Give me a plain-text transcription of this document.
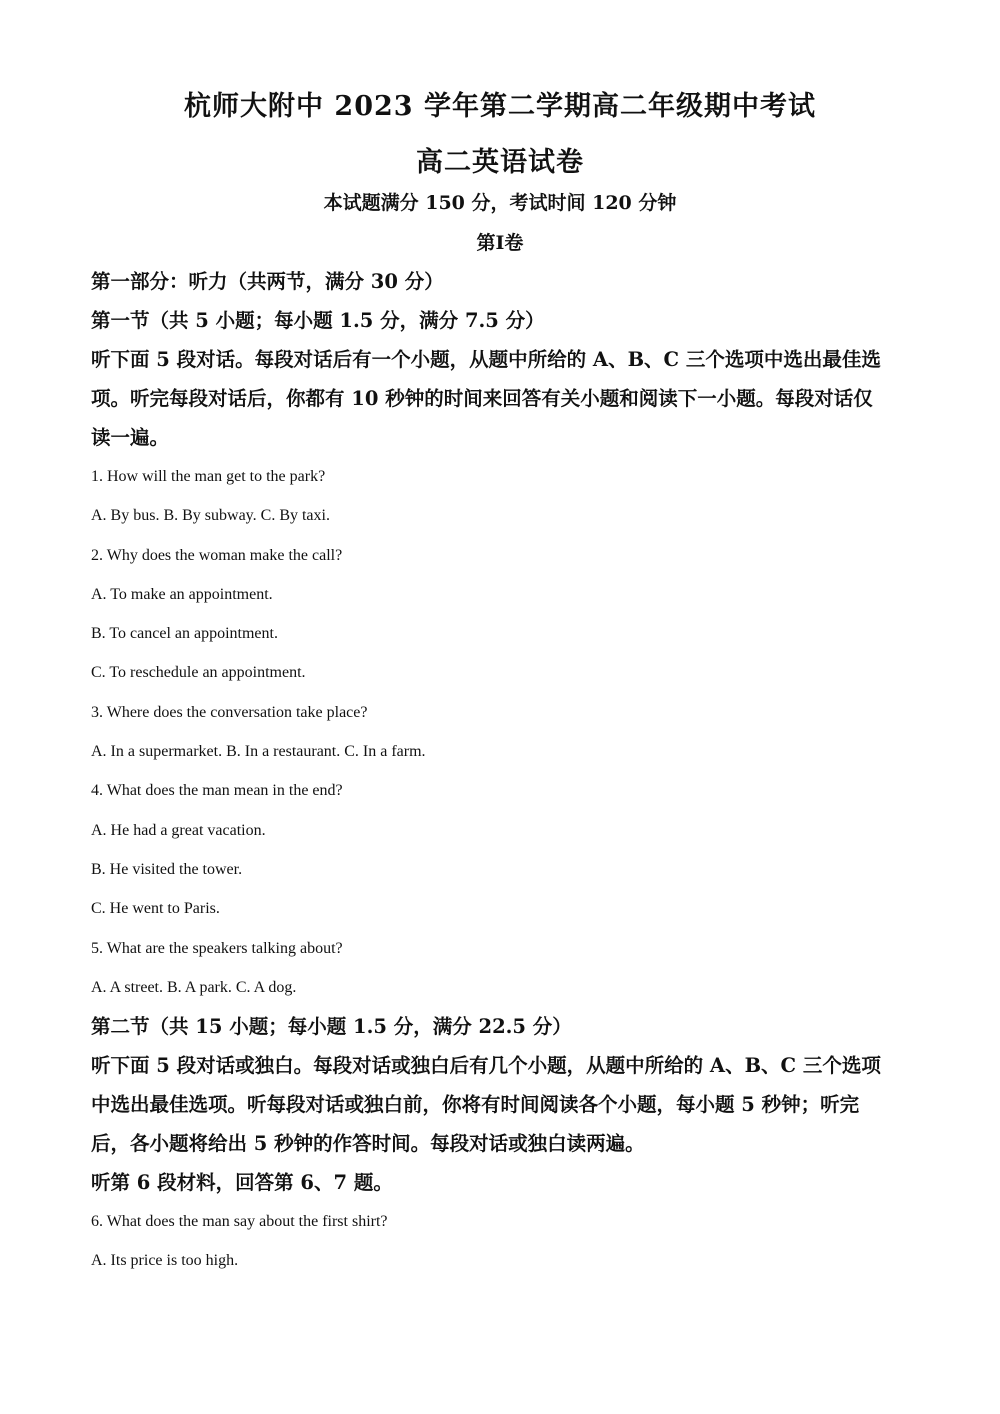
杭师大附中 2023 学年第二学期高二年级期中考试
高二英语试卷
本试题满分 150 分，考试时间 120 分钟
第Ⅰ卷

第一部分：听力（共两节，满分 30 分）

第一节（共 5 小题；每小题 1.5 分，满分 7.5 分）

听下面 5 段对话。每段对话后有一个小题，从题中所给的 A、B、C 三个选项中选出最佳选

项。听完每段对话后，你都有 10 秒钟的时间来回答有关小题和阅读下一小题。每段对话仅

读一遍。

1. How will the man get to the park?

A. By bus. B. By subway. C. By taxi.

2. Why does the woman make the call?

A. To make an appointment.

B. To cancel an appointment.

C. To reschedule an appointment.

3. Where does the conversation take place?

A. In a supermarket. B. In a restaurant. C. In a farm.

4. What does the man mean in the end?

A. He had a great vacation.

B. He visited the tower.

C. He went to Paris.

5. What are the speakers talking about?

A. A street. B. A park. C. A dog.

第二节（共 15 小题；每小题 1.5 分，满分 22.5 分）

听下面 5 段对话或独白。每段对话或独白后有几个小题，从题中所给的 A、B、C 三个选项

中选出最佳选项。听每段对话或独白前，你将有时间阅读各个小题，每小题 5 秒钟；听完

后，各小题将给出 5 秒钟的作答时间。每段对话或独白读两遍。

听第 6 段材料，回答第 6、7 题。

6. What does the man say about the first shirt?

A. Its price is too high.
